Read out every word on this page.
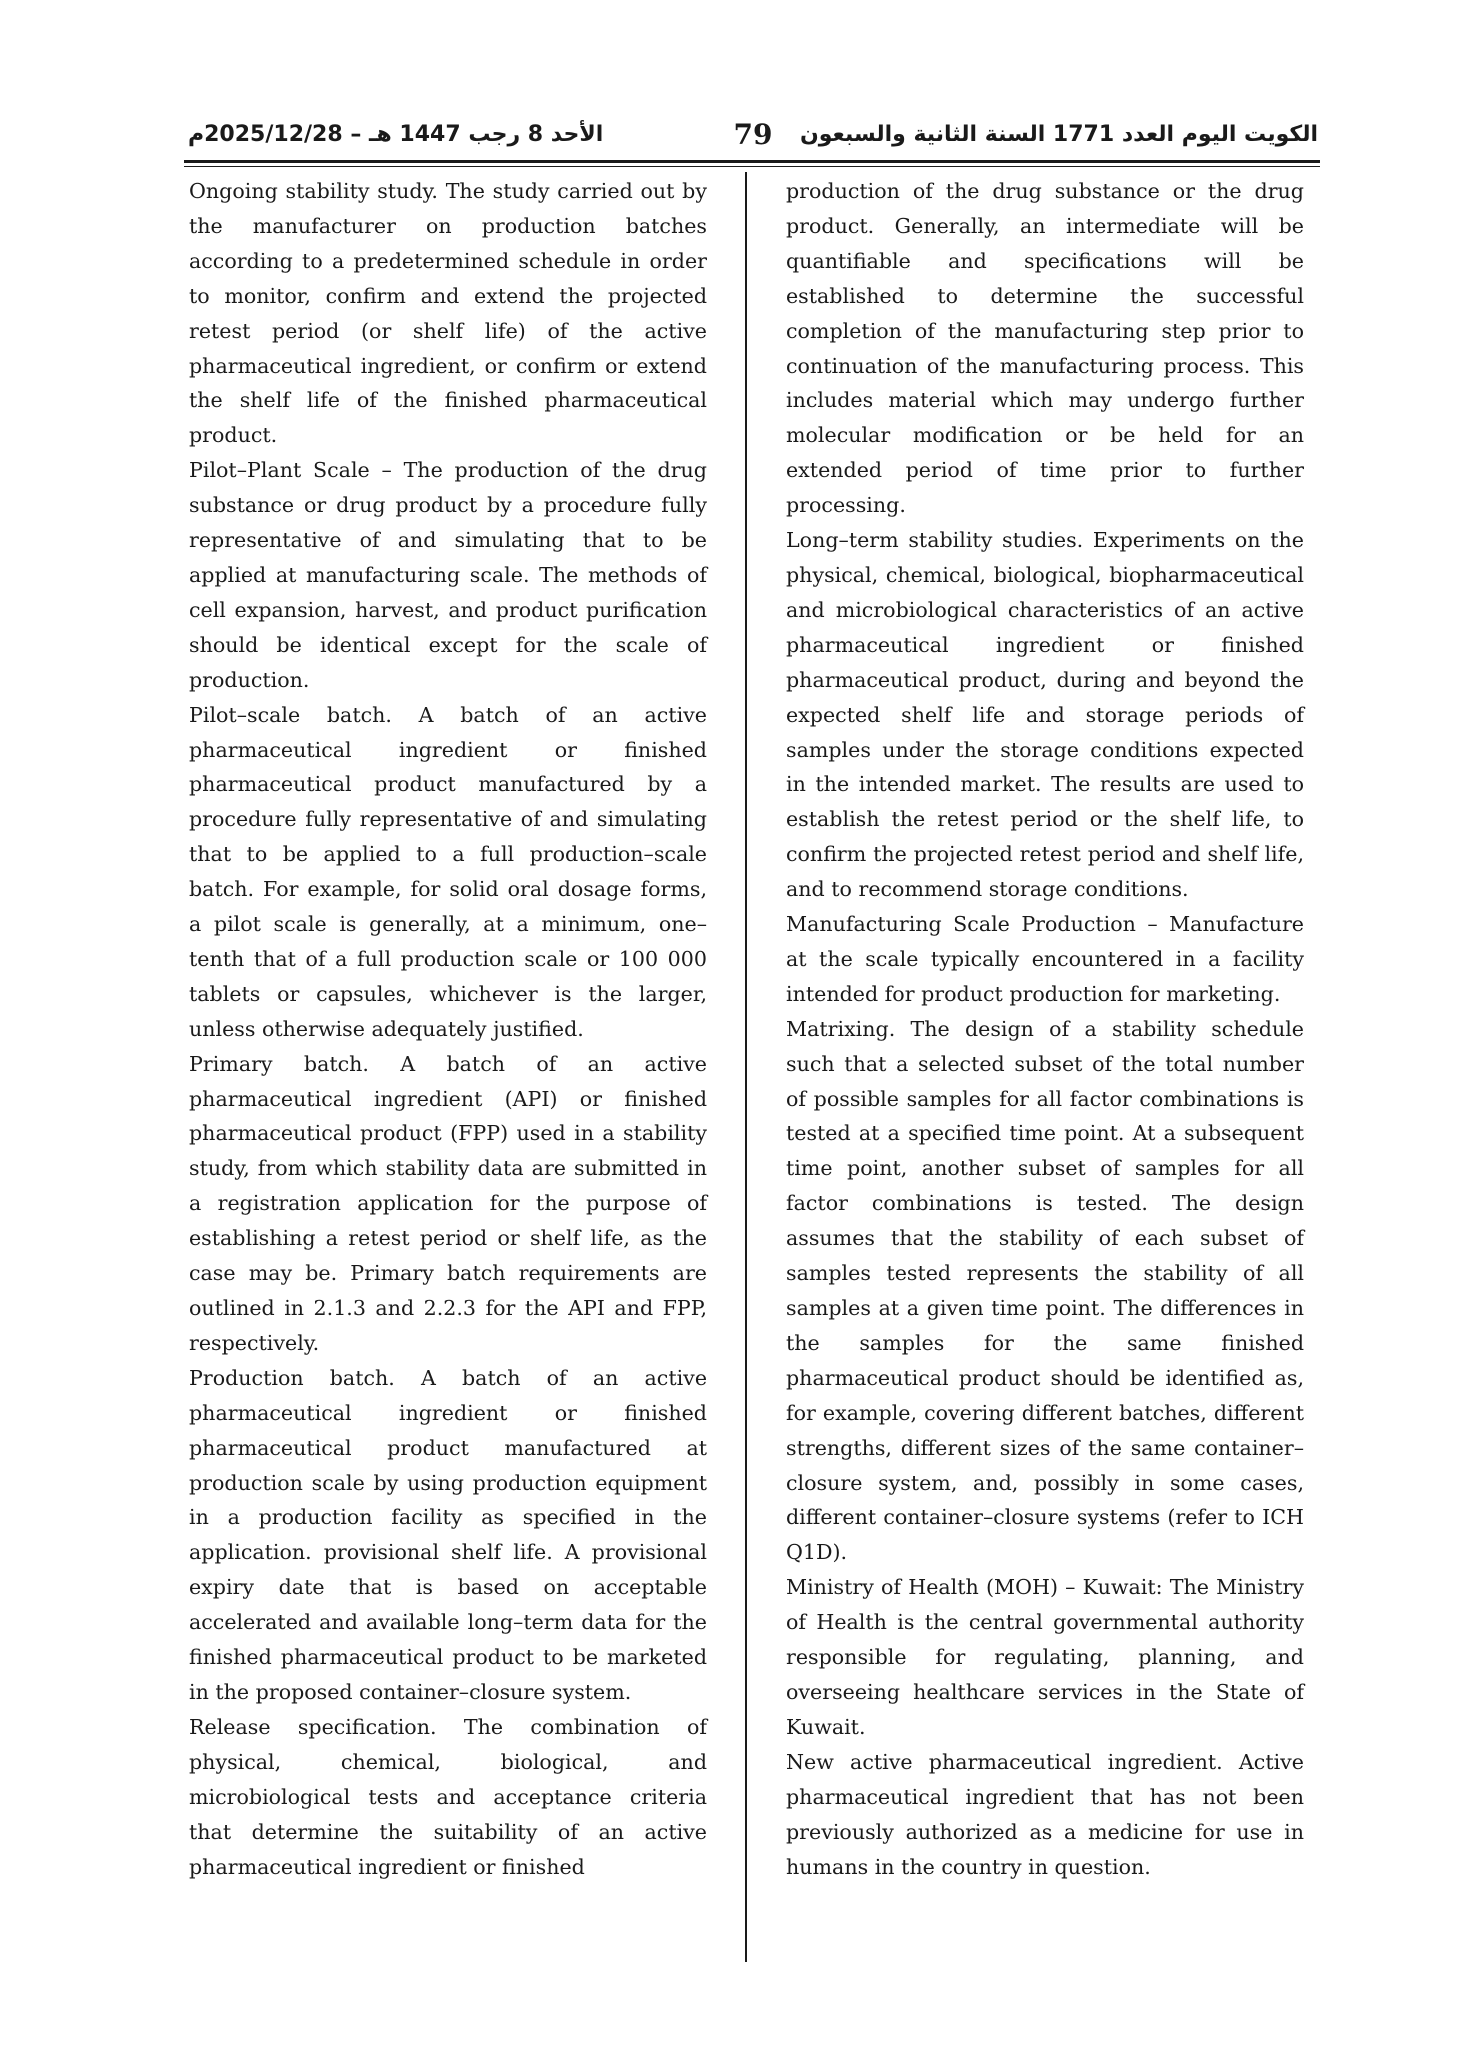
الأحد 8 رجب 1447 هـ – 2025/12/28م	79	الكويت اليوم العدد 1771 السنة الثانية والسبعون

Ongoing stability study. The study carried out by the manufacturer on production batches according to a predetermined schedule in order to monitor, confirm and extend the projected retest period (or shelf life) of the active pharmaceutical ingredient, or confirm or extend the shelf life of the finished pharmaceutical product.

Pilot–Plant Scale – The production of the drug substance or drug product by a procedure fully representative of and simulating that to be applied at manufacturing scale. The methods of cell expansion, harvest, and product purification should be identical except for the scale of production.

Pilot–scale batch. A batch of an active pharmaceutical ingredient or finished pharmaceutical product manufactured by a procedure fully representative of and simulating that to be applied to a full production–scale batch. For example, for solid oral dosage forms, a pilot scale is generally, at a minimum, one–tenth that of a full production scale or 100 000 tablets or capsules, whichever is the larger, unless otherwise adequately justified.

Primary batch. A batch of an active pharmaceutical ingredient (API) or finished pharmaceutical product (FPP) used in a stability study, from which stability data are submitted in a registration application for the purpose of establishing a retest period or shelf life, as the case may be. Primary batch requirements are outlined in 2.1.3 and 2.2.3 for the API and FPP, respectively.

Production batch. A batch of an active pharmaceutical ingredient or finished pharmaceutical product manufactured at production scale by using production equipment in a production facility as specified in the application. provisional shelf life. A provisional expiry date that is based on acceptable accelerated and available long–term data for the finished pharmaceutical product to be marketed in the proposed container–closure system.

Release specification. The combination of physical, chemical, biological, and microbiological tests and acceptance criteria that determine the suitability of an active pharmaceutical ingredient or finished

production of the drug substance or the drug product. Generally, an intermediate will be quantifiable and specifications will be established to determine the successful completion of the manufacturing step prior to continuation of the manufacturing process. This includes material which may undergo further molecular modification or be held for an extended period of time prior to further processing.

Long–term stability studies. Experiments on the physical, chemical, biological, biopharmaceutical and microbiological characteristics of an active pharmaceutical ingredient or finished pharmaceutical product, during and beyond the expected shelf life and storage periods of samples under the storage conditions expected in the intended market. The results are used to establish the retest period or the shelf life, to confirm the projected retest period and shelf life, and to recommend storage conditions.

Manufacturing Scale Production – Manufacture at the scale typically encountered in a facility intended for product production for marketing.

Matrixing. The design of a stability schedule such that a selected subset of the total number of possible samples for all factor combinations is tested at a specified time point. At a subsequent time point, another subset of samples for all factor combinations is tested. The design assumes that the stability of each subset of samples tested represents the stability of all samples at a given time point. The differences in the samples for the same finished pharmaceutical product should be identified as, for example, covering different batches, different strengths, different sizes of the same container–closure system, and, possibly in some cases, different container–closure systems (refer to ICH Q1D).

Ministry of Health (MOH) – Kuwait: The Ministry of Health is the central governmental authority responsible for regulating, planning, and overseeing healthcare services in the State of Kuwait.

New active pharmaceutical ingredient. Active pharmaceutical ingredient that has not been previously authorized as a medicine for use in humans in the country in question.
